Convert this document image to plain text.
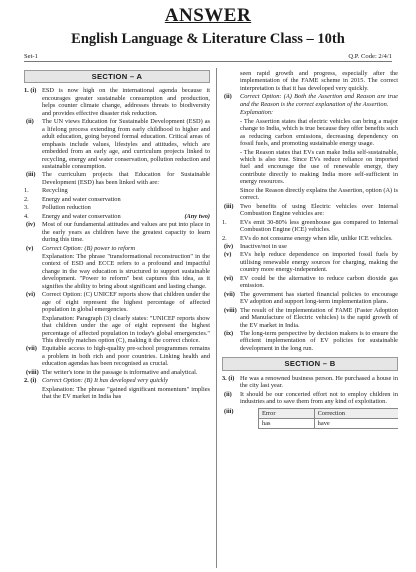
ANSWER
English Language & Literature Class – 10th
Set-1	Q.P. Code: 2/4/1
SECTION – A
1. (i) ESD is now high on the international agenda because it encourages greater sustainable consumption and production, helps counter climate change, addresses threats to biodiversity and provides effective disaster risk reduction.
(ii) The UN views Education for Sustainable Development (ESD) as a lifelong process extending from early childhood to higher and adult education, going beyond formal education. Critical areas of emphasis include values, lifestyles and attitudes, which are embedded from an early age, and curriculum projects linked to recycling, energy and water conservation, pollution reduction and sustainable consumption.
(iii) The curriculum projects that Education for Sustainable Development (ESD) has been linked with are:
1. Recycling
2. Energy and water conservation
3. Pollution reduction
4. Energy and water conservation	(Any two)
(iv) Most of our fundamental attitudes and values are put into place in the early years as children have the greatest capacity to learn during this time.
(v) Correct Option: (B) power to reform
Explanation: The phrase "transformational reconstruction" in the context of ESD and ECCE refers to a profound and impactful change in the way education is structured to support sustainable development. "Power to reform" best captures this idea, as it signifies the ability to bring about significant and lasting change.
(vi) Correct Option: (C) UNICEF reports show that children under the age of eight represent the highest percentage of affected population in global emergencies.
Explanation: Paragraph (3) clearly states: "UNICEF reports show that children under the age of eight represent the highest percentage of affected population in today's global emergencies." This directly matches option (C), making it the correct choice.
(vii) Equitable access to high-quality pre-school programmes remains a problem in both rich and poor countries. Linking health and education agendas has been recognised as crucial.
(viii) The writer's tone in the passage is informative and analytical.
2. (i) Correct Option: (B) It has developed very quickly
Explanation: The phrase "gained significant momentum" implies that the EV market in India has
seen rapid growth and progress, especially after the implementation of the FAME scheme in 2015. The correct interpretation is that it has developed very quickly.
(ii) Correct Option: (A) Both the Assertion and Reason are true and the Reason is the correct explanation of the Assertion.
Explanation:
- The Assertion states that electric vehicles can bring a major change to India, which is true because they offer benefits such as reducing carbon emissions, decreasing dependency on fossil fuels, and promoting sustainable energy usage.
- The Reason states that EVs can make India self-sustainable, which is also true. Since EVs reduce reliance on imported fuel and encourage the use of renewable energy, they contribute directly to making India more self-sufficient in energy resources.
Since the Reason directly explains the Assertion, option (A) is correct.
(iii) Two benefits of using Electric vehicles over Internal Combustion Engine vehicles are:
1. EVs emit 30-80% less greenhouse gas compared to Internal Combustion Engine (ICE) vehicles.
2. EVs do not consume energy when idle, unlike ICE vehicles.
(iv) Inactive/not in use
(v) EVs help reduce dependence on imported fossil fuels by utilising renewable energy sources for charging, making the country more energy-independent.
(vi) EV could be the alternative to reduce carbon dioxide gas emission.
(vii) The government has started financial policies to encourage EV adoption and support long-term implementation plans.
(viii) The result of the implementation of FAME (Faster Adoption and Manufacture of Electric vehicles) is the rapid growth of the EV market in India.
(ix) The long-term perspective by decision makers is to ensure the efficient implementation of EV policies for sustainable development in the long run.
SECTION – B
3. (i) He was a renowned business person. He purchased a house in the city last year.
(ii) It should be our concerted effort not to employ children in industries and to save them from any kind of exploitation.
(iii)	Error	Correction
has	have
